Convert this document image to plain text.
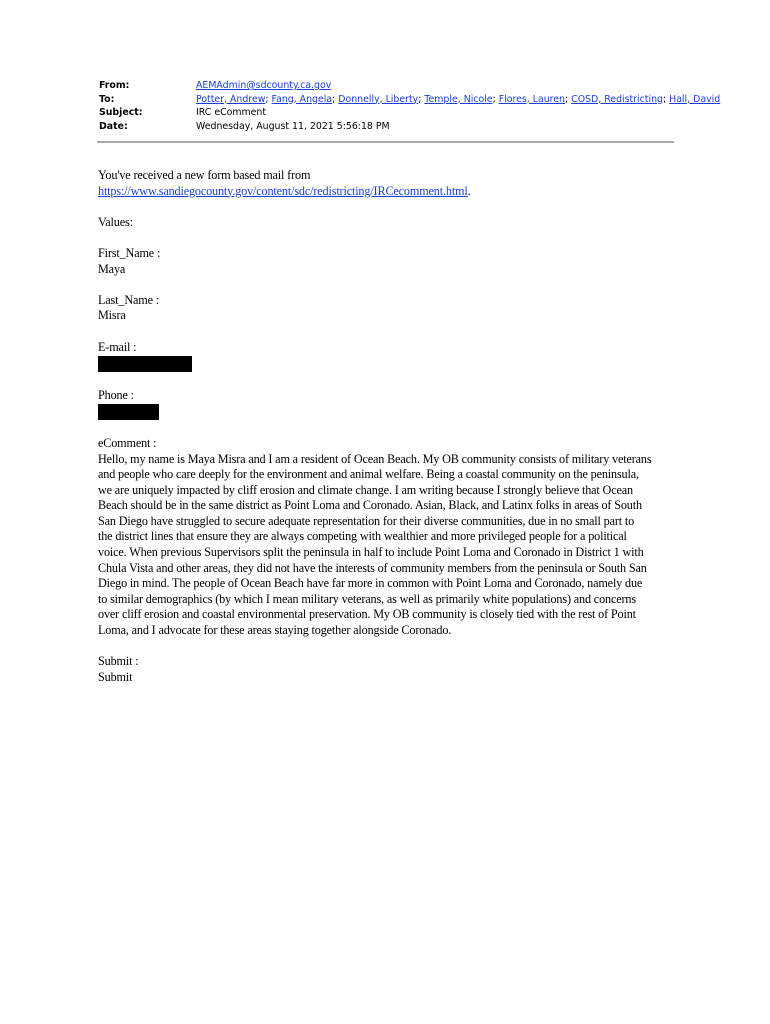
From:	AEMAdmin@sdcounty.ca.gov
To:	Potter, Andrew; Fang, Angela; Donnelly, Liberty; Temple, Nicole; Flores, Lauren; COSD, Redistricting; Hall, David
Subject:	IRC eComment
Date:	Wednesday, August 11, 2021 5:56:18 PM
You've received a new form based mail from
https://www.sandiegocounty.gov/content/sdc/redistricting/IRCecomment.html.
Values:
First_Name :
Maya
Last_Name :
Misra
E-mail :
Phone :
eComment :
Hello, my name is Maya Misra and I am a resident of Ocean Beach. My OB community consists of military veterans
and people who care deeply for the environment and animal welfare. Being a coastal community on the peninsula,
we are uniquely impacted by cliff erosion and climate change. I am writing because I strongly believe that Ocean
Beach should be in the same district as Point Loma and Coronado. Asian, Black, and Latinx folks in areas of South
San Diego have struggled to secure adequate representation for their diverse communities, due in no small part to
the district lines that ensure they are always competing with wealthier and more privileged people for a political
voice. When previous Supervisors split the peninsula in half to include Point Loma and Coronado in District 1 with
Chula Vista and other areas, they did not have the interests of community members from the peninsula or South San
Diego in mind. The people of Ocean Beach have far more in common with Point Loma and Coronado, namely due
to similar demographics (by which I mean military veterans, as well as primarily white populations) and concerns
over cliff erosion and coastal environmental preservation. My OB community is closely tied with the rest of Point
Loma, and I advocate for these areas staying together alongside Coronado.
Submit :
Submit
